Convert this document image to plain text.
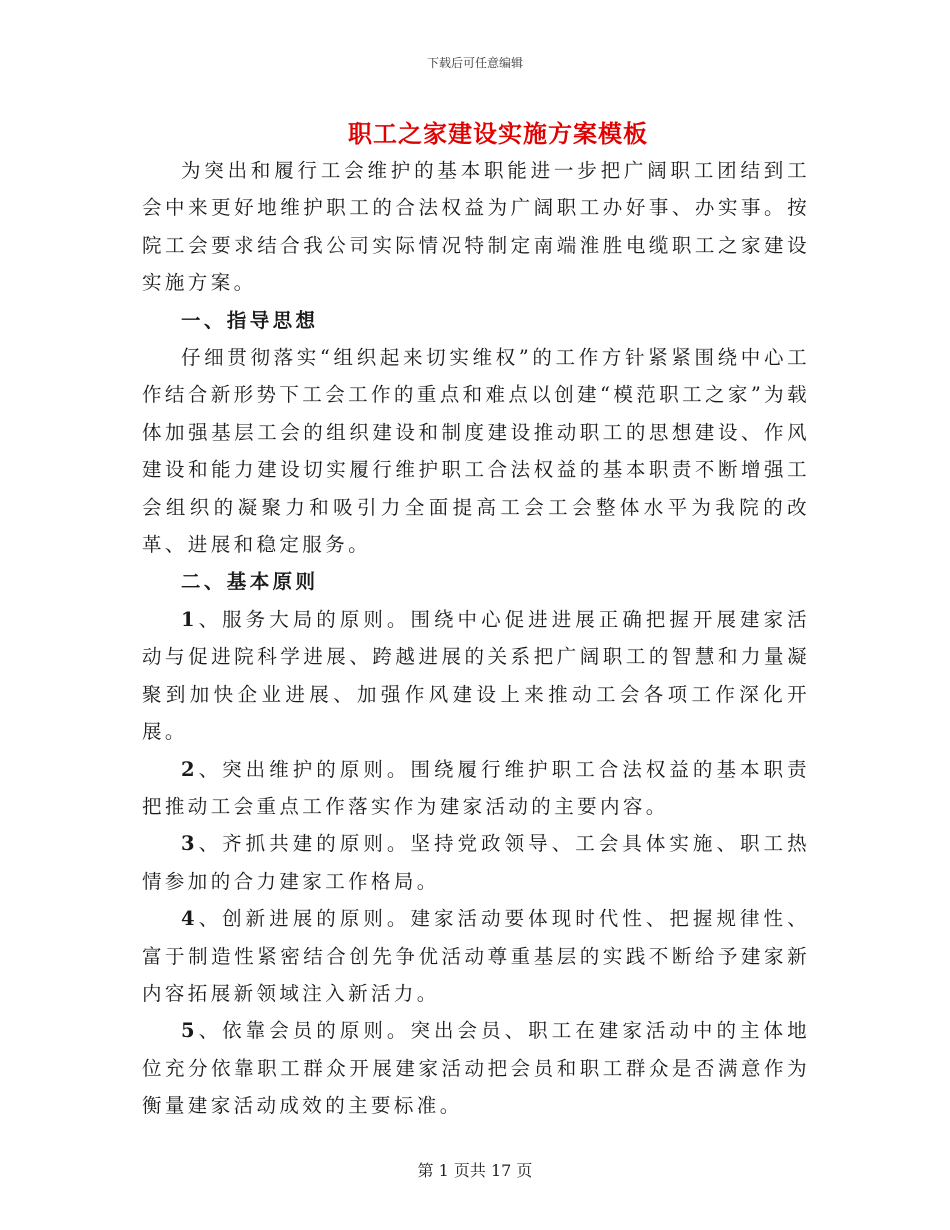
下载后可任意编辑
职工之家建设实施方案模板

为突出和履行工会维护的基本职能进一步把广阔职工团结到工会中来更好地维护职工的合法权益为广阔职工办好事、办实事。按院工会要求结合我公司实际情况特制定南端淮胜电缆职工之家建设实施方案。

一、指导思想

仔细贯彻落实“组织起来切实维权”的工作方针紧紧围绕中心工作结合新形势下工会工作的重点和难点以创建“模范职工之家”为载体加强基层工会的组织建设和制度建设推动职工的思想建设、作风建设和能力建设切实履行维护职工合法权益的基本职责不断增强工会组织的凝聚力和吸引力全面提高工会工会整体水平为我院的改革、进展和稳定服务。

二、基本原则

1、服务大局的原则。围绕中心促进进展正确把握开展建家活动与促进院科学进展、跨越进展的关系把广阔职工的智慧和力量凝聚到加快企业进展、加强作风建设上来推动工会各项工作深化开展。

2、突出维护的原则。围绕履行维护职工合法权益的基本职责把推动工会重点工作落实作为建家活动的主要内容。

3、齐抓共建的原则。坚持党政领导、工会具体实施、职工热情参加的合力建家工作格局。

4、创新进展的原则。建家活动要体现时代性、把握规律性、富于制造性紧密结合创先争优活动尊重基层的实践不断给予建家新内容拓展新领域注入新活力。

5、依靠会员的原则。突出会员、职工在建家活动中的主体地位充分依靠职工群众开展建家活动把会员和职工群众是否满意作为衡量建家活动成效的主要标准。

第 1 页共 17 页
